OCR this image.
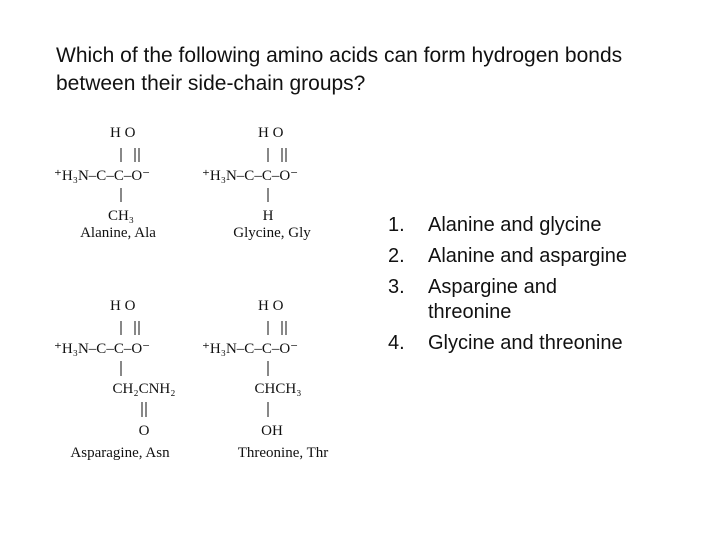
Which of the following amino acids can form hydrogen bonds between their side-chain groups?
H O
⁺H₃N–C–C–O⁻
CH₃
Alanine, Ala
H O
⁺H₃N–C–C–O⁻
H
Glycine, Gly
H O
⁺H₃N–C–C–O⁻
CH₂CNH₂
O
Asparagine, Asn
H O
⁺H₃N–C–C–O⁻
CHCH₃
OH
Threonine, Thr
1.	Alanine and glycine
2.	Alanine and aspargine
3.	Aspargine and threonine
4.	Glycine and threonine
